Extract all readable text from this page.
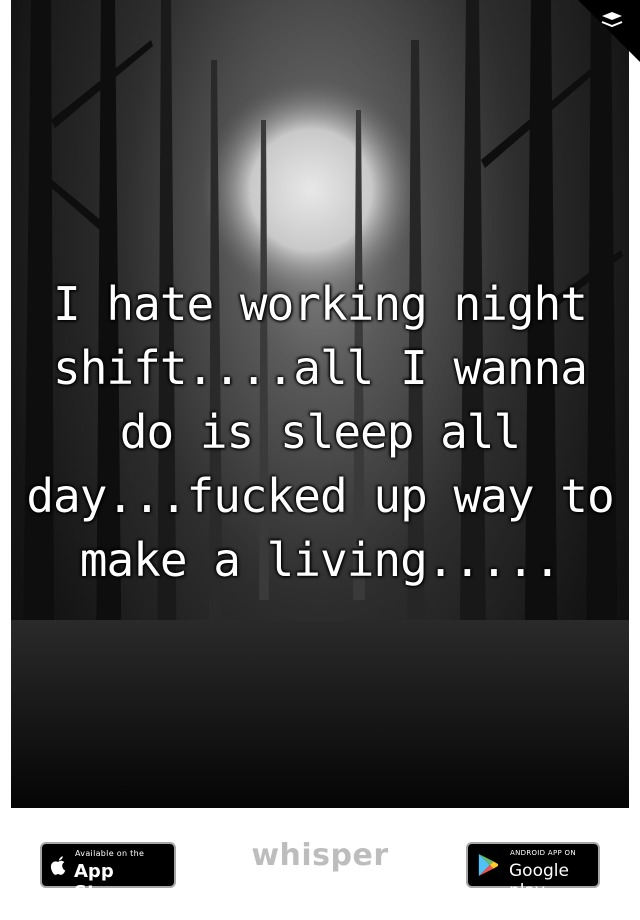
I hate working night shift....all I wanna do is sleep all day...fucked up way to make a living.....
Available on the
App Store
whisper	ANDROID APP ON
Google play
